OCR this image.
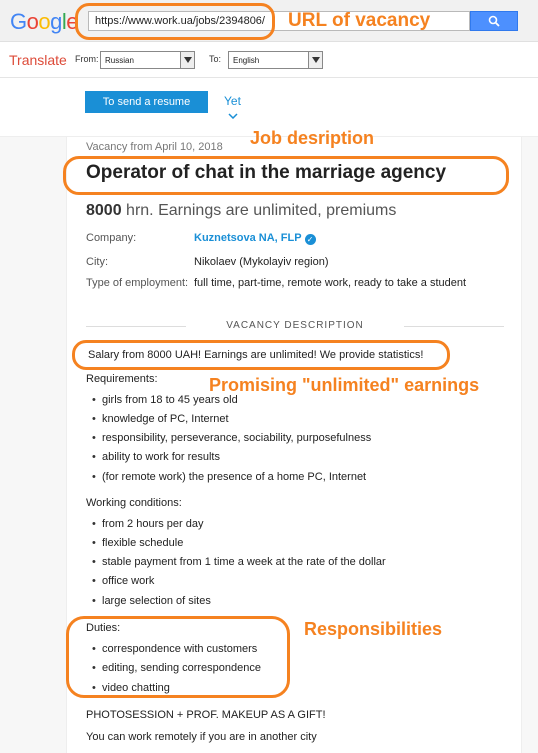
Google	https://www.work.ua/jobs/2394806/
Translate From: Russian	To:	English
To send a resume	Yet
Vacancy from April 10, 2018
Operator of chat in the marriage agency
8000 hrn. Earnings are unlimited, premiums
Company:	Kuznetsova NA, FLP ✓
City:	Nikolaev (Mykolayiv region)
Type of employment: full time, part-time, remote work, ready to take a student
VACANCY DESCRIPTION
Salary from 8000 UAH! Earnings are unlimited! We provide statistics!
Requirements:
• girls from 18 to 45 years old
• knowledge of PC, Internet
• responsibility, perseverance, sociability, purposefulness
• ability to work for results
• (for remote work) the presence of a home PC, Internet
Working conditions:
• from 2 hours per day
• flexible schedule
• stable payment from 1 time a week at the rate of the dollar
• office work
• large selection of sites
Duties:
• correspondence with customers
• editing, sending correspondence
• video chatting
PHOTOSESSION + PROF. MAKEUP AS A GIFT!
You can work remotely if you are in another city
URL of vacancy
Job desription
Promising "unlimited" earnings
Responsibilities
